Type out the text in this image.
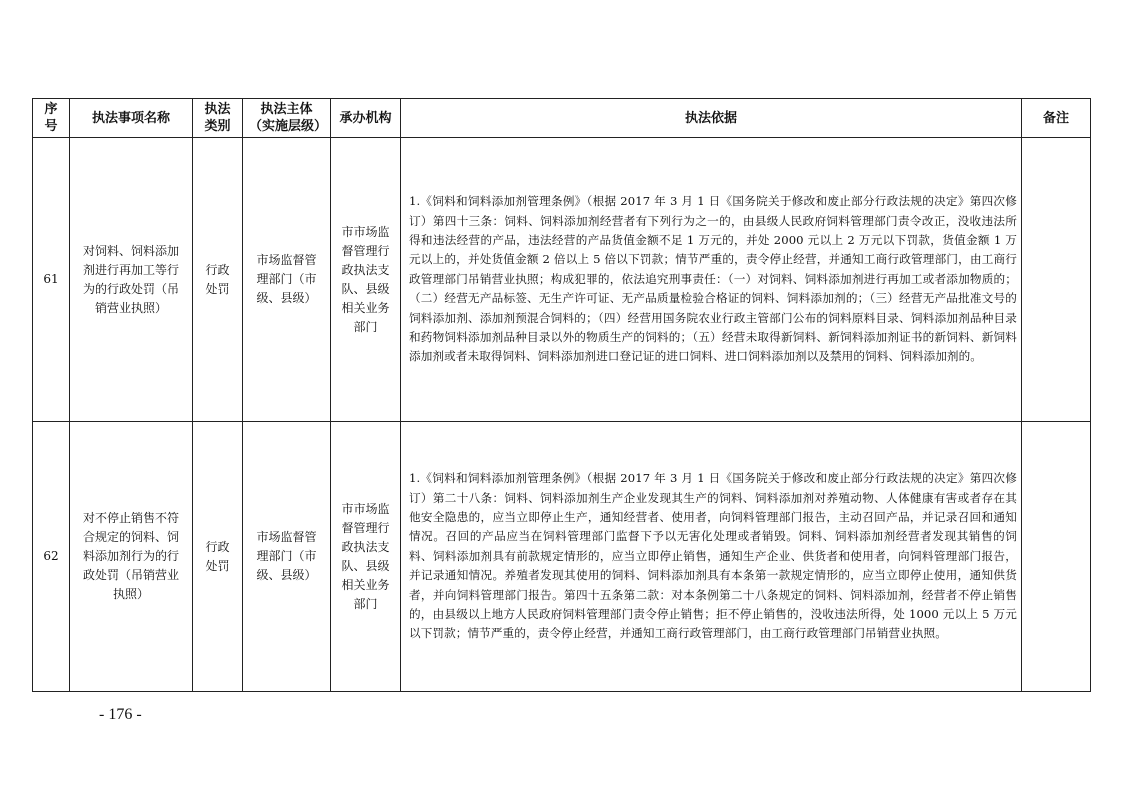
序号	执法事项名称	执法类别	执法主体（实施层级）	承办机构	执法依据	备注

61	对饲料、饲料添加剂进行再加工等行为的行政处罚（吊销营业执照）	行政处罚	市场监督管理部门（市级、县级）	市市场监督管理行政执法支队、县级相关业务部门	1.《饲料和饲料添加剂管理条例》（根据 2017 年 3 月 1 日《国务院关于修改和废止部分行政法规的决定》第四次修订）第四十三条：饲料、饲料添加剂经营者有下列行为之一的，由县级人民政府饲料管理部门责令改正，没收违法所得和违法经营的产品，违法经营的产品货值金额不足 1 万元的，并处 2000 元以上 2 万元以下罚款，货值金额 1 万元以上的，并处货值金额 2 倍以上 5 倍以下罚款；情节严重的，责令停止经营，并通知工商行政管理部门，由工商行政管理部门吊销营业执照；构成犯罪的，依法追究刑事责任：（一）对饲料、饲料添加剂进行再加工或者添加物质的；（二）经营无产品标签、无生产许可证、无产品质量检验合格证的饲料、饲料添加剂的；（三）经营无产品批准文号的饲料添加剂、添加剂预混合饲料的；（四）经营用国务院农业行政主管部门公布的饲料原料目录、饲料添加剂品种目录和药物饲料添加剂品种目录以外的物质生产的饲料的；（五）经营未取得新饲料、新饲料添加剂证书的新饲料、新饲料添加剂或者未取得饲料、饲料添加剂进口登记证的进口饲料、进口饲料添加剂以及禁用的饲料、饲料添加剂的。	

62	对不停止销售不符合规定的饲料、饲料添加剂行为的行政处罚（吊销营业执照）	行政处罚	市场监督管理部门（市级、县级）	市市场监督管理行政执法支队、县级相关业务部门	1.《饲料和饲料添加剂管理条例》（根据 2017 年 3 月 1 日《国务院关于修改和废止部分行政法规的决定》第四次修订）第二十八条：饲料、饲料添加剂生产企业发现其生产的饲料、饲料添加剂对养殖动物、人体健康有害或者存在其他安全隐患的，应当立即停止生产，通知经营者、使用者，向饲料管理部门报告，主动召回产品，并记录召回和通知情况。召回的产品应当在饲料管理部门监督下予以无害化处理或者销毁。饲料、饲料添加剂经营者发现其销售的饲料、饲料添加剂具有前款规定情形的，应当立即停止销售，通知生产企业、供货者和使用者，向饲料管理部门报告，并记录通知情况。养殖者发现其使用的饲料、饲料添加剂具有本条第一款规定情形的，应当立即停止使用，通知供货者，并向饲料管理部门报告。第四十五条第二款：对本条例第二十八条规定的饲料、饲料添加剂，经营者不停止销售的，由县级以上地方人民政府饲料管理部门责令停止销售；拒不停止销售的，没收违法所得，处 1000 元以上 5 万元以下罚款；情节严重的，责令停止经营，并通知工商行政管理部门，由工商行政管理部门吊销营业执照。	

- 176 -
